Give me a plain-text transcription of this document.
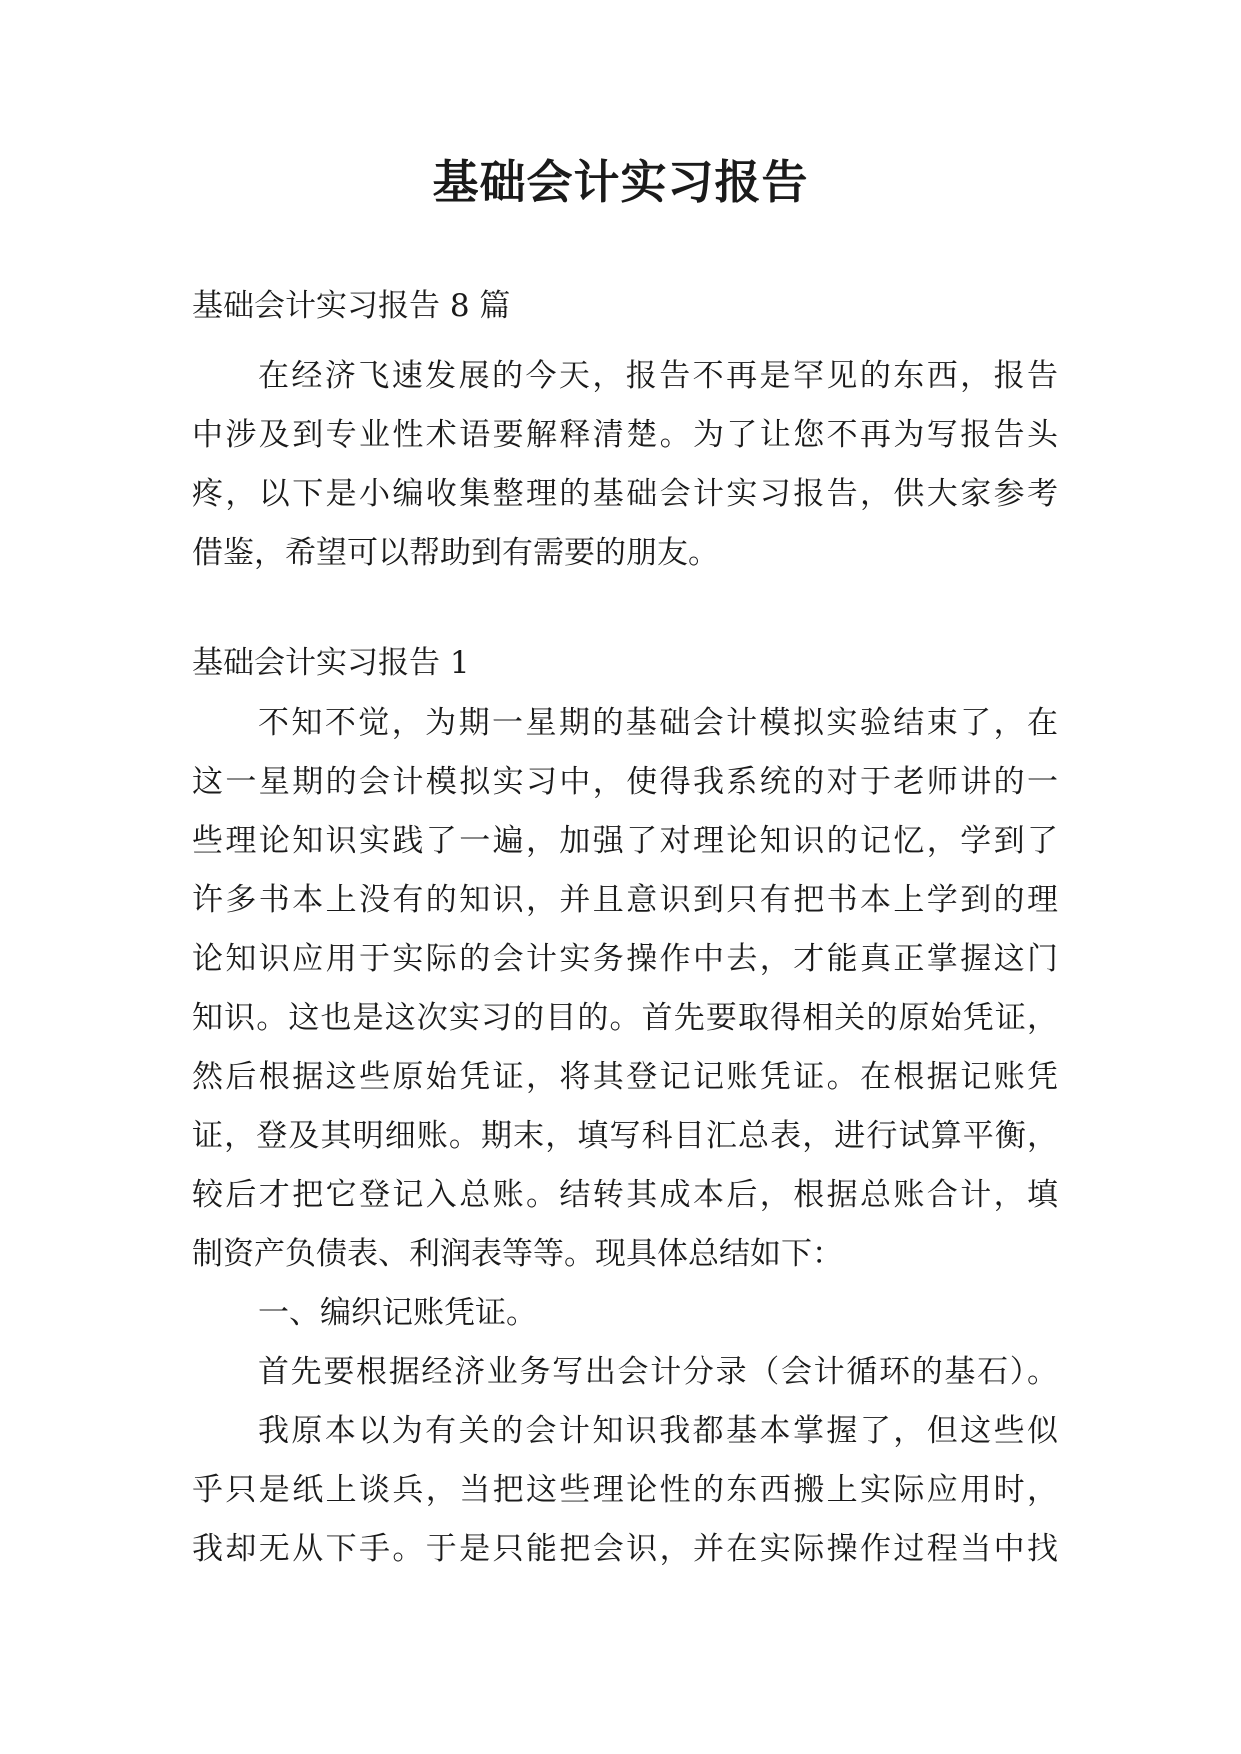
基础会计实习报告
基础会计实习报告 8 篇
在经济飞速发展的今天，报告不再是罕见的东西，报告
中涉及到专业性术语要解释清楚。为了让您不再为写报告头
疼，以下是小编收集整理的基础会计实习报告，供大家参考
借鉴，希望可以帮助到有需要的朋友。
基础会计实习报告 1
不知不觉，为期一星期的基础会计模拟实验结束了，在
这一星期的会计模拟实习中，使得我系统的对于老师讲的一
些理论知识实践了一遍，加强了对理论知识的记忆，学到了
许多书本上没有的知识，并且意识到只有把书本上学到的理
论知识应用于实际的会计实务操作中去，才能真正掌握这门
知识。这也是这次实习的目的。首先要取得相关的原始凭证，
然后根据这些原始凭证，将其登记记账凭证。在根据记账凭
证，登及其明细账。期末，填写科目汇总表，进行试算平衡，
较后才把它登记入总账。结转其成本后，根据总账合计，填
制资产负债表、利润表等等。现具体总结如下：
一、编织记账凭证。
首先要根据经济业务写出会计分录（会计循环的基石）。
我原本以为有关的会计知识我都基本掌握了，但这些似
乎只是纸上谈兵，当把这些理论性的东西搬上实际应用时，
我却无从下手。于是只能把会识，并在实际操作过程当中找
